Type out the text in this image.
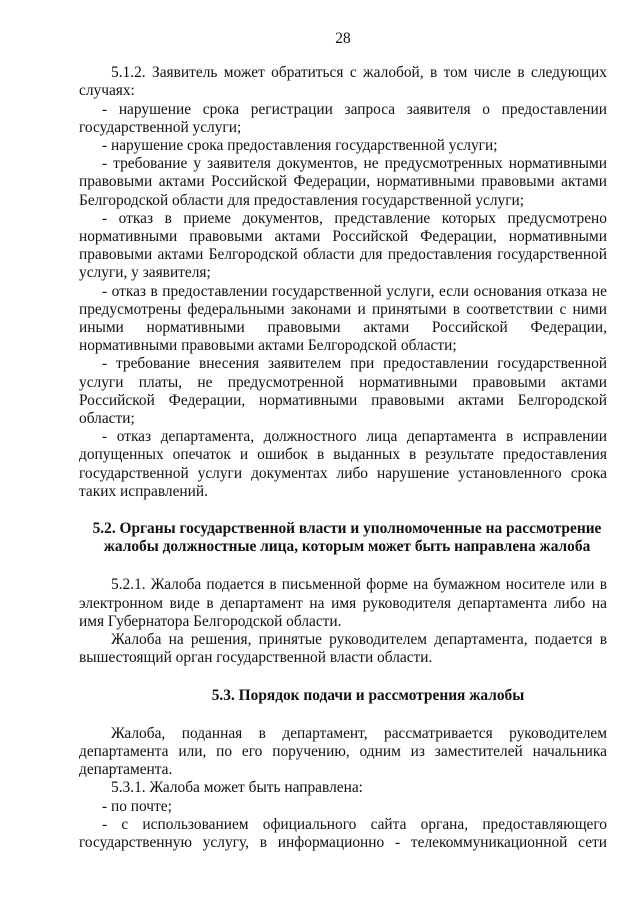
28

5.1.2. Заявитель может обратиться с жалобой, в том числе в следующих случаях:

- нарушение срока регистрации запроса заявителя о предоставлении государственной услуги;

- нарушение срока предоставления государственной услуги;

- требование у заявителя документов, не предусмотренных нормативными правовыми актами Российской Федерации, нормативными правовыми актами Белгородской области для предоставления государственной услуги;

- отказ в приеме документов, представление которых предусмотрено нормативными правовыми актами Российской Федерации, нормативными правовыми актами Белгородской области для предоставления государственной услуги, у заявителя;

- отказ в предоставлении государственной услуги, если основания отказа не предусмотрены федеральными законами и принятыми в соответствии с ними иными нормативными правовыми актами Российской Федерации, нормативными правовыми актами Белгородской области;

- требование внесения заявителем при предоставлении государственной услуги платы, не предусмотренной нормативными правовыми актами Российской Федерации, нормативными правовыми актами Белгородской области;

- отказ департамента, должностного лица департамента в исправлении допущенных опечаток и ошибок в выданных в результате предоставления государственной услуги документах либо нарушение установленного срока таких исправлений.

5.2. Органы государственной власти и уполномоченные на рассмотрение жалобы должностные лица, которым может быть направлена жалоба

5.2.1. Жалоба подается в письменной форме на бумажном носителе или в электронном виде в департамент на имя руководителя департамента либо на имя Губернатора Белгородской области.

Жалоба на решения, принятые руководителем департамента, подается в вышестоящий орган государственной власти области.

5.3. Порядок подачи и рассмотрения жалобы

Жалоба, поданная в департамент, рассматривается руководителем департамента или, по его поручению, одним из заместителей начальника департамента.

5.3.1. Жалоба может быть направлена:

- по почте;

- с использованием официального сайта органа, предоставляющего государственную услугу, в информационно - телекоммуникационной сети
